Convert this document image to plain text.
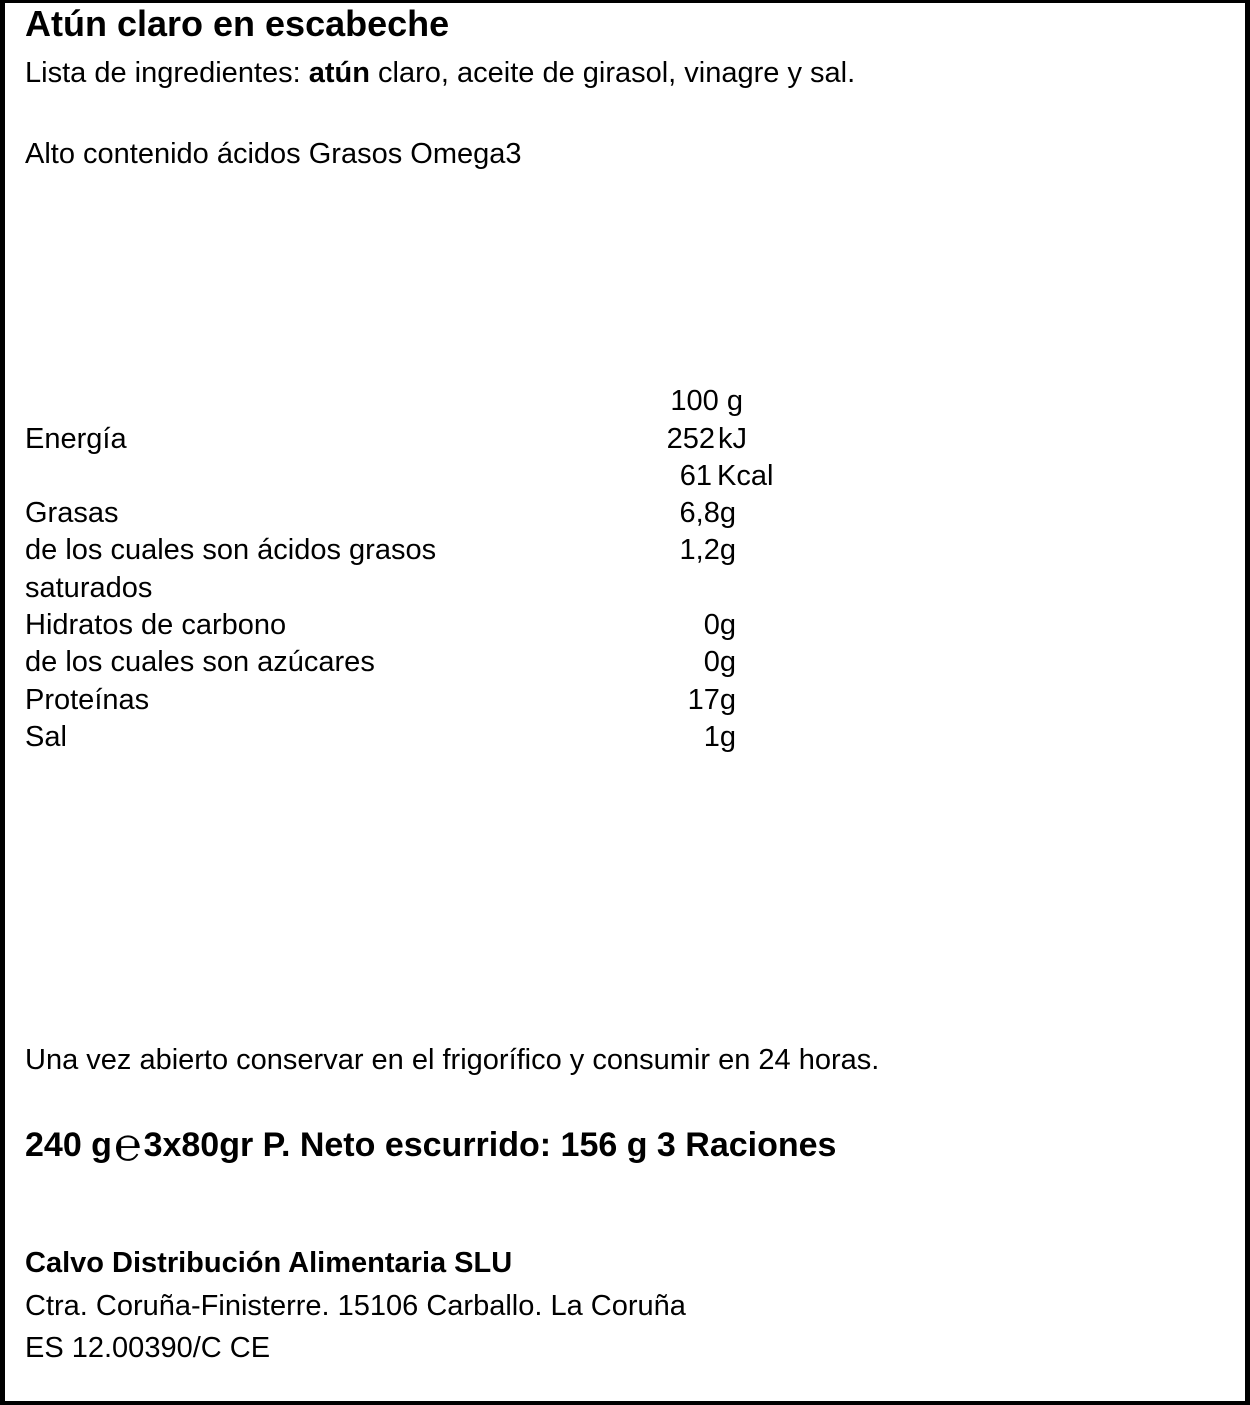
Atún claro en escabeche
Lista de ingredientes: atún claro, aceite de girasol, vinagre y sal.
Alto contenido ácidos Grasos Omega3
100 g
Energía	252 kJ
61 Kcal
Grasas	6,8g
de los cuales son ácidos grasos	1,2g
saturados
Hidratos de carbono	0g
de los cuales son azúcares	0g
Proteínas	17g
Sal	1g
Una vez abierto conservar en el frigorífico y consumir en 24 horas.
240 g℮3x80gr P. Neto escurrido: 156 g 3 Raciones
Calvo Distribución Alimentaria SLU
Ctra. Coruña-Finisterre. 15106 Carballo. La Coruña
ES 12.00390/C CE
